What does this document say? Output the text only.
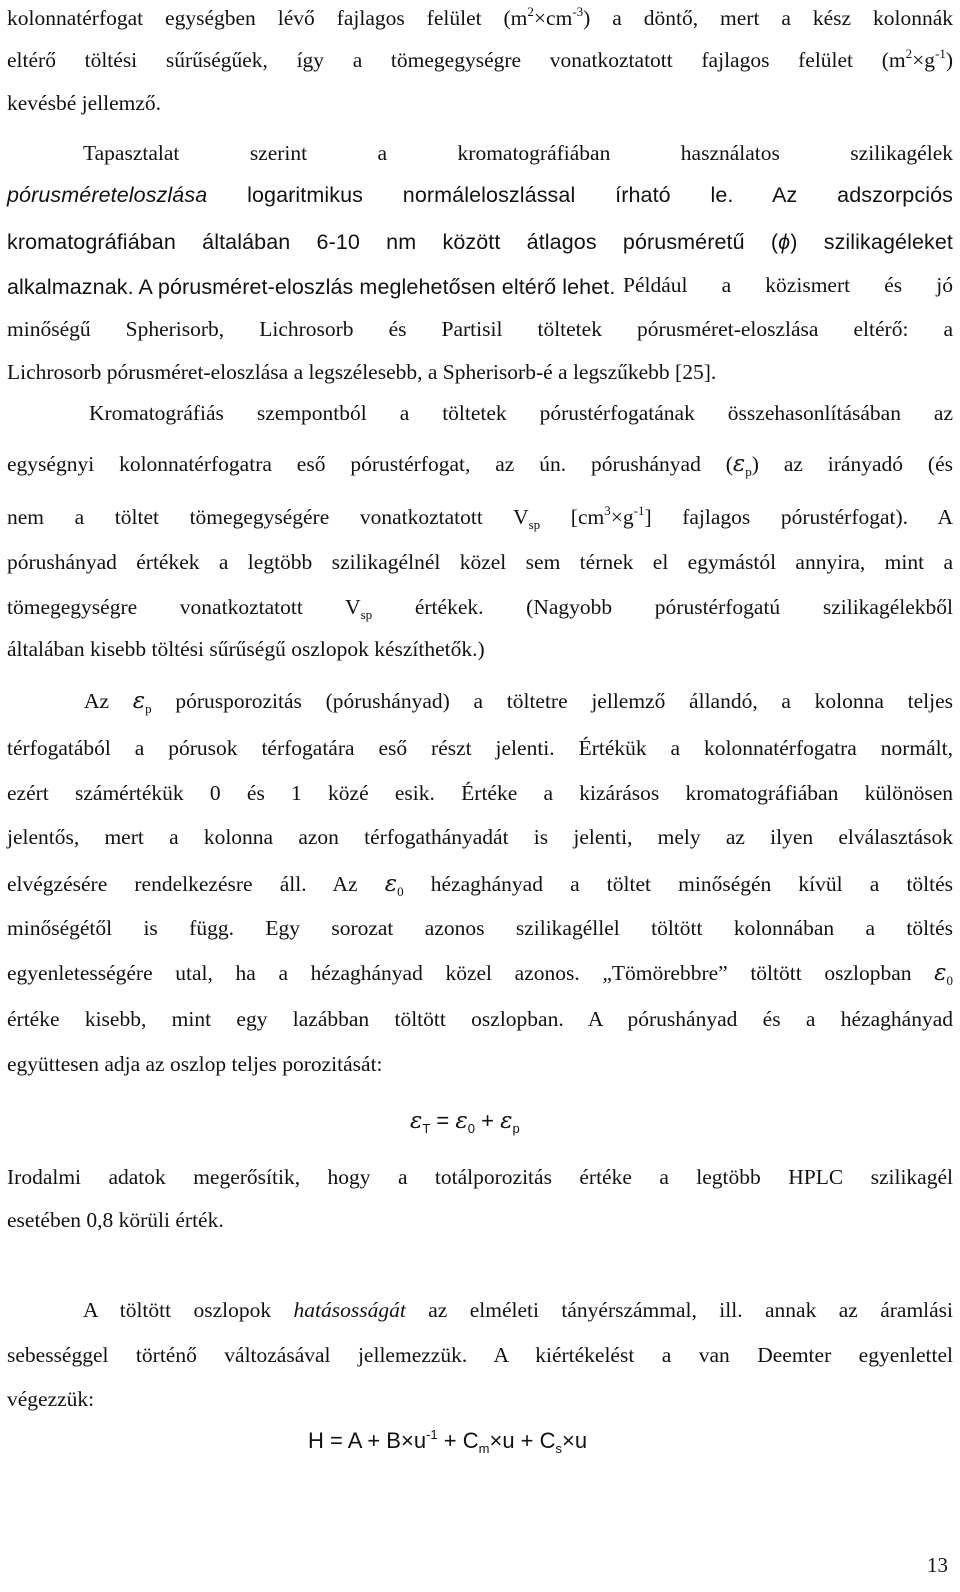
kolonnatérfogat egységben lévő fajlagos felület $(m^2\times cm^{-3})$ a döntő, mert a kész kolonnák
eltérő töltési sűrűségűek, így a tömegegységre vonatkoztatott fajlagos felület $(m^2\times g^{-1})$
kevésbé jellemző.
Tapasztalat szerint a kromatográfiában használatos szilikagélek
pórusméreteloszlása logaritmikus normáleloszlással írható le. Az adszorpciós
kromatográfiában általában 6-10 nm között átlagos pórusméretű (ϕ) szilikagéleket
alkalmaznak. A pórusméret-eloszlás meglehetősen eltérő lehet. Például a közismert és jó
minőségű Spherisorb, Lichrosorb és Partisil töltetek pórusméret-eloszlása eltérő: a
Lichrosorb pórusméret-eloszlása a legszélesebb, a Spherisorb-é a legszűkebb [25].
Kromatográfiás szempontból a töltetek pórustérfogatának összehasonlításában az
egységnyi kolonnatérfogatra eső pórustérfogat, az ún. pórushányad $(\varepsilon_p)$ az irányadó (és
nem a töltet tömegegységére vonatkoztatott $V_{sp}$ $[cm^3\times g^{-1}]$ fajlagos pórustérfogat). A
pórushányad értékek a legtöbb szilikagélnél közel sem térnek el egymástól annyira, mint a
tömegegységre vonatkoztatott $V_{sp}$ értékek. (Nagyobb pórustérfogatú szilikagélekből
általában kisebb töltési sűrűségű oszlopok készíthetők.)
Az $\varepsilon_p$ pórusporozitás (pórushányad) a töltetre jellemző állandó, a kolonna teljes
térfogatából a pórusok térfogatára eső részt jelenti. Értékük a kolonnatérfogatra normált,
ezért számértékük 0 és 1 közé esik. Értéke a kizárásos kromatográfiában különösen
jelentős, mert a kolonna azon térfogathányadát is jelenti, mely az ilyen elválasztások
elvégzésére rendelkezésre áll. Az $\varepsilon_0$ hézaghányad a töltet minőségén kívül a töltés
minőségétől is függ. Egy sorozat azonos szilikagéllel töltött kolonnában a töltés
egyenletességére utal, ha a hézaghányad közel azonos. „Tömörebbre” töltött oszlopban $\varepsilon_0$
értéke kisebb, mint egy lazábban töltött oszlopban. A pórushányad és a hézaghányad
együttesen adja az oszlop teljes porozitását:
$\varepsilon_T = \varepsilon_0 + \varepsilon_p$
Irodalmi adatok megerősítik, hogy a totálporozitás értéke a legtöbb HPLC szilikagél
esetében 0,8 körüli érték.
A töltött oszlopok hatásosságát az elméleti tányérszámmal, ill. annak az áramlási
sebességgel történő változásával jellemezzük. A kiértékelést a van Deemter egyenlettel
végezzük:
$H = A + B\times u^{-1} + C_m\times u + C_s\times u$
13
